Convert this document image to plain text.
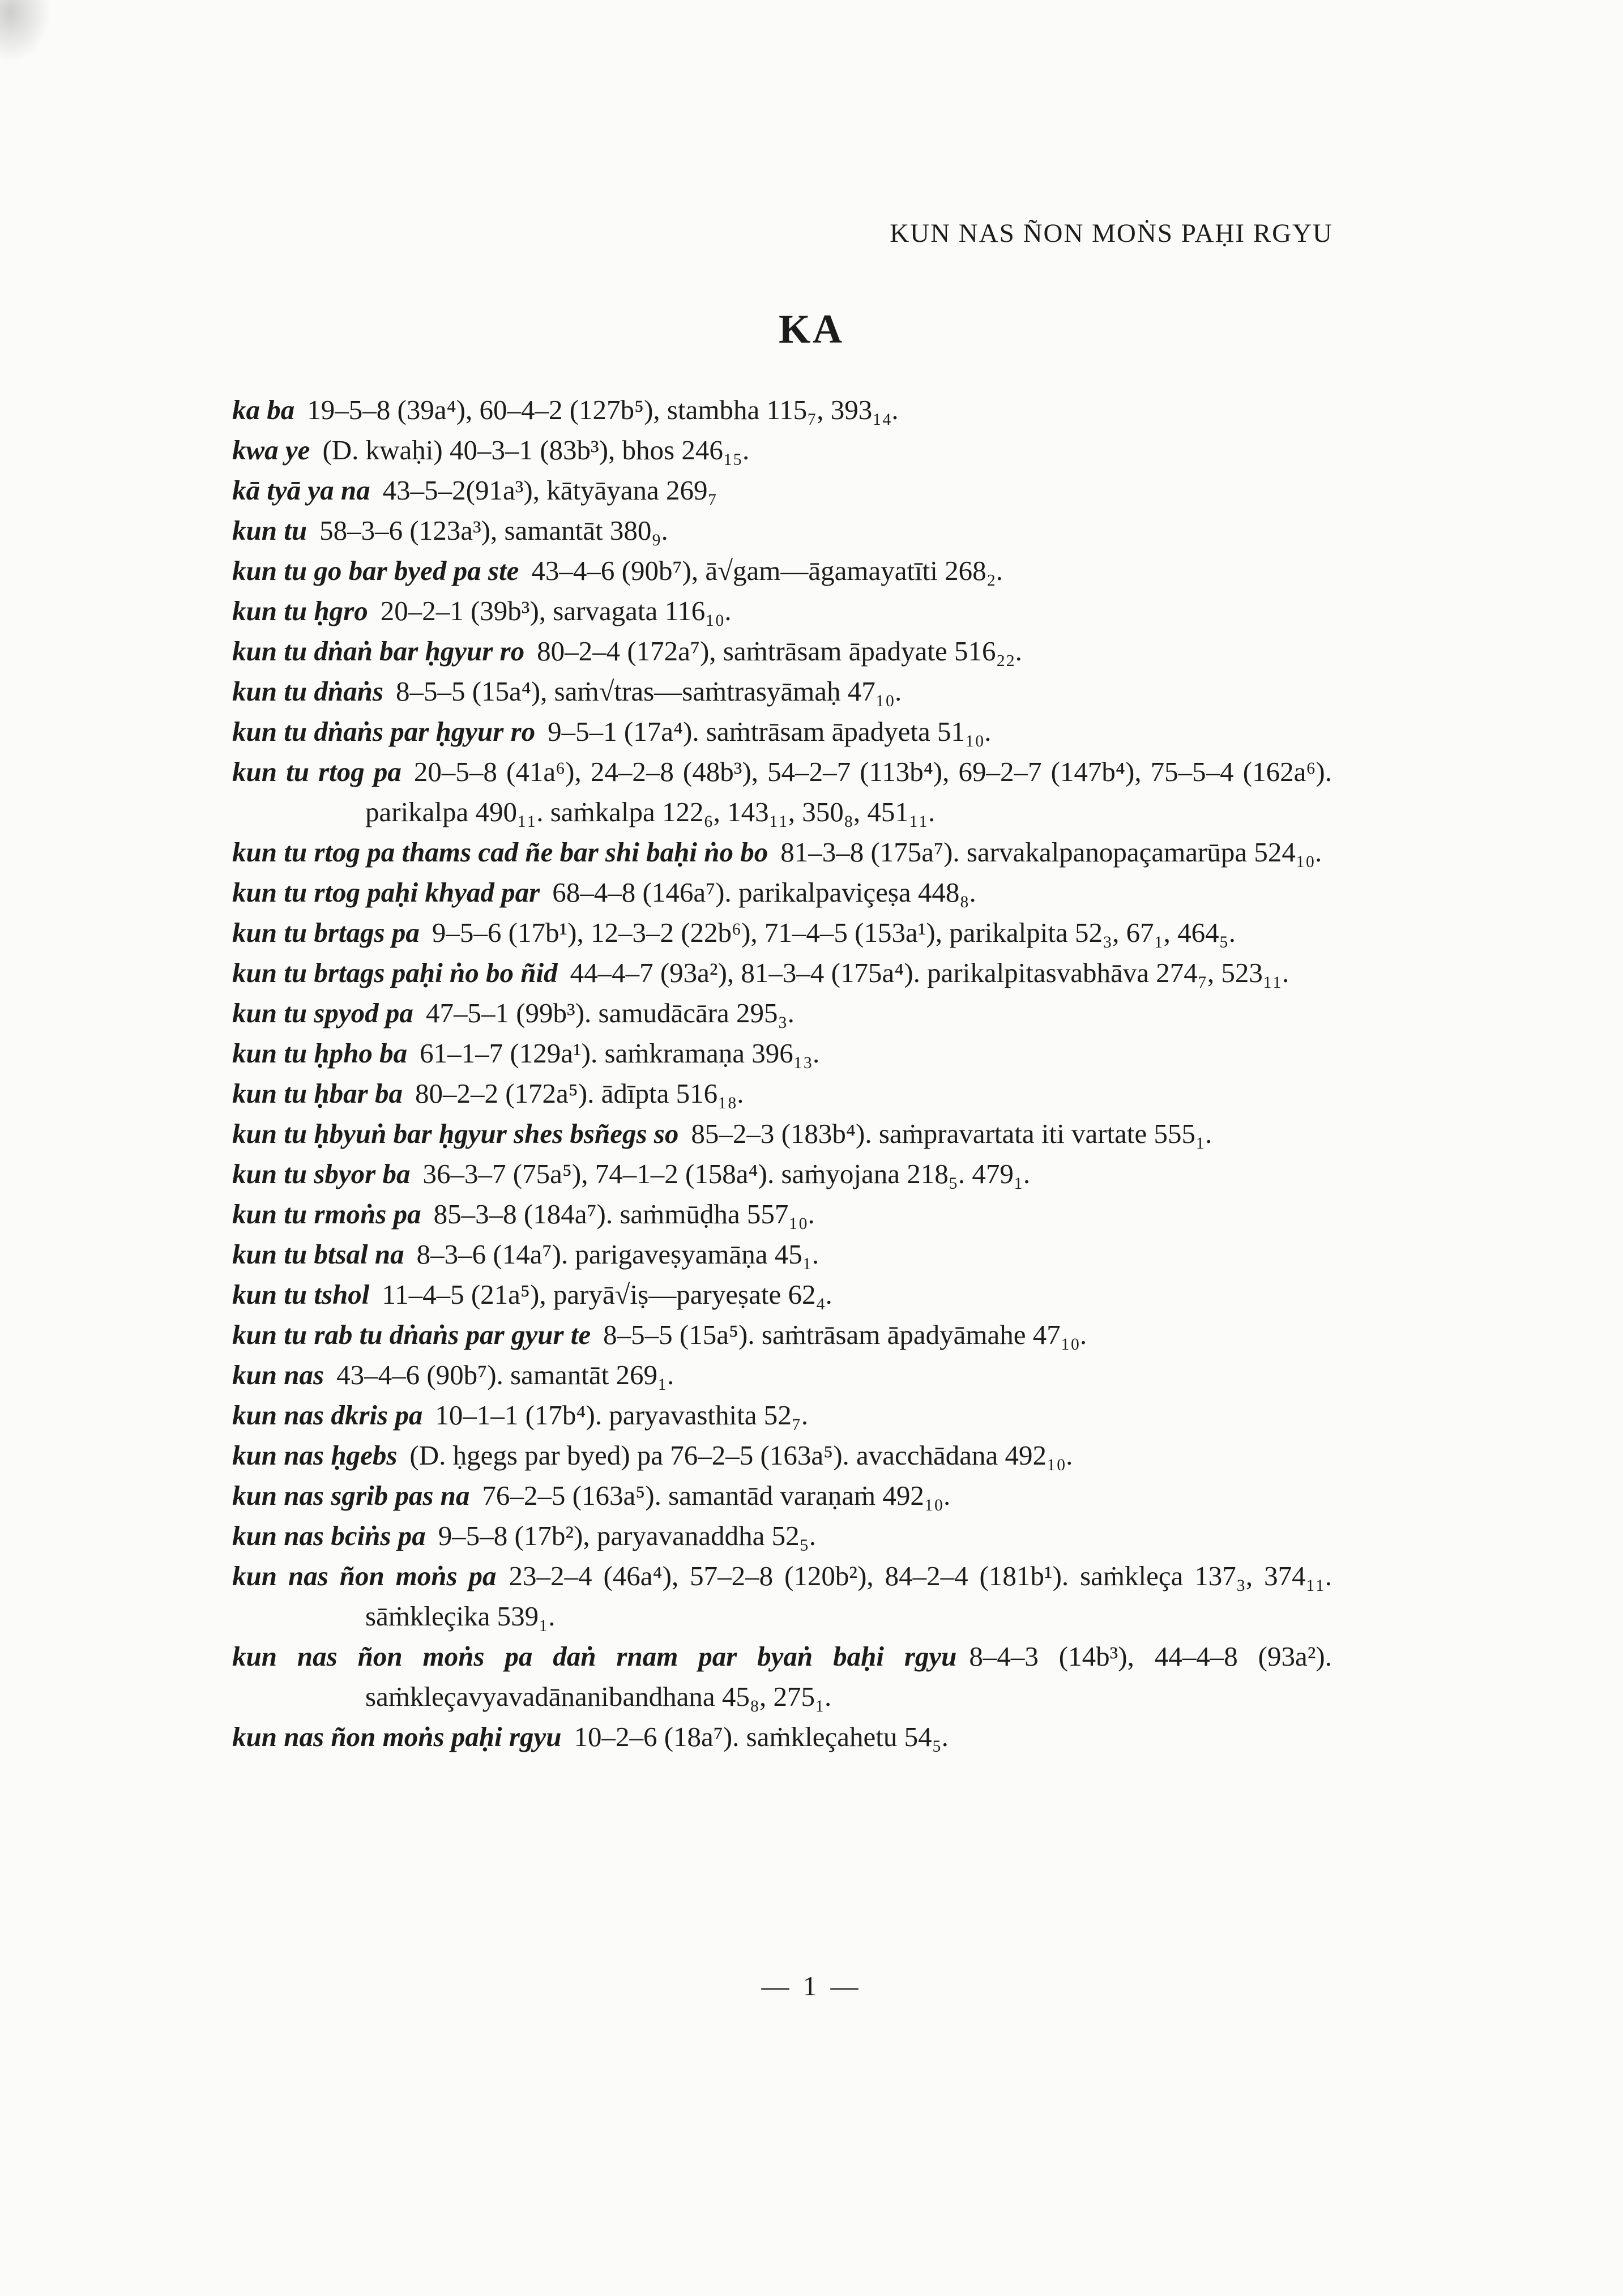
KUN NAS ÑON MOṄS PAḤI RGYU
KA

ka ba 19–5–8 (39a⁴), 60–4–2 (127b⁵), stambha 115₇, 393₁₄.

kwa ye (D. kwaḥi) 40–3–1 (83b³), bhos 246₁₅.

kā tyā ya na 43–5–2(91a³), kātyāyana 269₇

kun tu 58–3–6 (123a³), samantāt 380₉.

kun tu go bar byed pa ste 43–4–6 (90b⁷), ā√gam—āgamayatīti 268₂.

kun tu ḥgro 20–2–1 (39b³), sarvagata 116₁₀.

kun tu dṅaṅ bar ḥgyur ro 80–2–4 (172a⁷), saṁtrāsam āpadyate 516₂₂.

kun tu dṅaṅs 8–5–5 (15a⁴), saṁ√tras—saṁtrasyāmaḥ 47₁₀.

kun tu dṅaṅs par ḥgyur ro 9–5–1 (17a⁴). saṁtrāsam āpadyeta 51₁₀.

kun tu rtog pa 20–5–8 (41a⁶), 24–2–8 (48b³), 54–2–7 (113b⁴), 69–2–7 (147b⁴), 75–5–4 (162a⁶). parikalpa 490₁₁. saṁkalpa 122₆, 143₁₁, 350₈, 451₁₁.

kun tu rtog pa thams cad ñe bar shi baḥi ṅo bo 81–3–8 (175a⁷). sarvakalpanopaçamarūpa 524₁₀.

kun tu rtog paḥi khyad par 68–4–8 (146a⁷). parikalpaviçeṣa 448₈.

kun tu brtags pa 9–5–6 (17b¹), 12–3–2 (22b⁶), 71–4–5 (153a¹), parikalpita 52₃, 67₁, 464₅.

kun tu brtags paḥi ṅo bo ñid 44–4–7 (93a²), 81–3–4 (175a⁴). parikalpitasvabhāva 274₇, 523₁₁.

kun tu spyod pa 47–5–1 (99b³). samudācāra 295₃.

kun tu ḥpho ba 61–1–7 (129a¹). saṁkramaṇa 396₁₃.

kun tu ḥbar ba 80–2–2 (172a⁵). ādīpta 516₁₈.

kun tu ḥbyuṅ bar ḥgyur shes bsñegs so 85–2–3 (183b⁴). saṁpravartata iti vartate 555₁.

kun tu sbyor ba 36–3–7 (75a⁵), 74–1–2 (158a⁴). saṁyojana 218₅. 479₁.

kun tu rmoṅs pa 85–3–8 (184a⁷). saṁmūḍha 557₁₀.

kun tu btsal na 8–3–6 (14a⁷). parigaveṣyamāṇa 45₁.

kun tu tshol 11–4–5 (21a⁵), paryā√iṣ—paryeṣate 62₄.

kun tu rab tu dṅaṅs par gyur te 8–5–5 (15a⁵). saṁtrāsam āpadyāmahe 47₁₀.

kun nas 43–4–6 (90b⁷). samantāt 269₁.

kun nas dkris pa 10–1–1 (17b⁴). paryavasthita 52₇.

kun nas ḥgebs (D. ḥgegs par byed) pa 76–2–5 (163a⁵). avacchādana 492₁₀.

kun nas sgrib pas na 76–2–5 (163a⁵). samantād varaṇaṁ 492₁₀.

kun nas bciṅs pa 9–5–8 (17b²), paryavanaddha 52₅.

kun nas ñon moṅs pa 23–2–4 (46a⁴), 57–2–8 (120b²), 84–2–4 (181b¹). saṁkleça 137₃, 374₁₁. sāṁkleçika 539₁.

kun nas ñon moṅs pa daṅ rnam par byaṅ baḥi rgyu 8–4–3 (14b³), 44–4–8 (93a²). saṁkleçavyavadānanibandhana 45₈, 275₁.

kun nas ñon moṅs paḥi rgyu 10–2–6 (18a⁷). saṁkleçahetu 54₅.

— 1 —
